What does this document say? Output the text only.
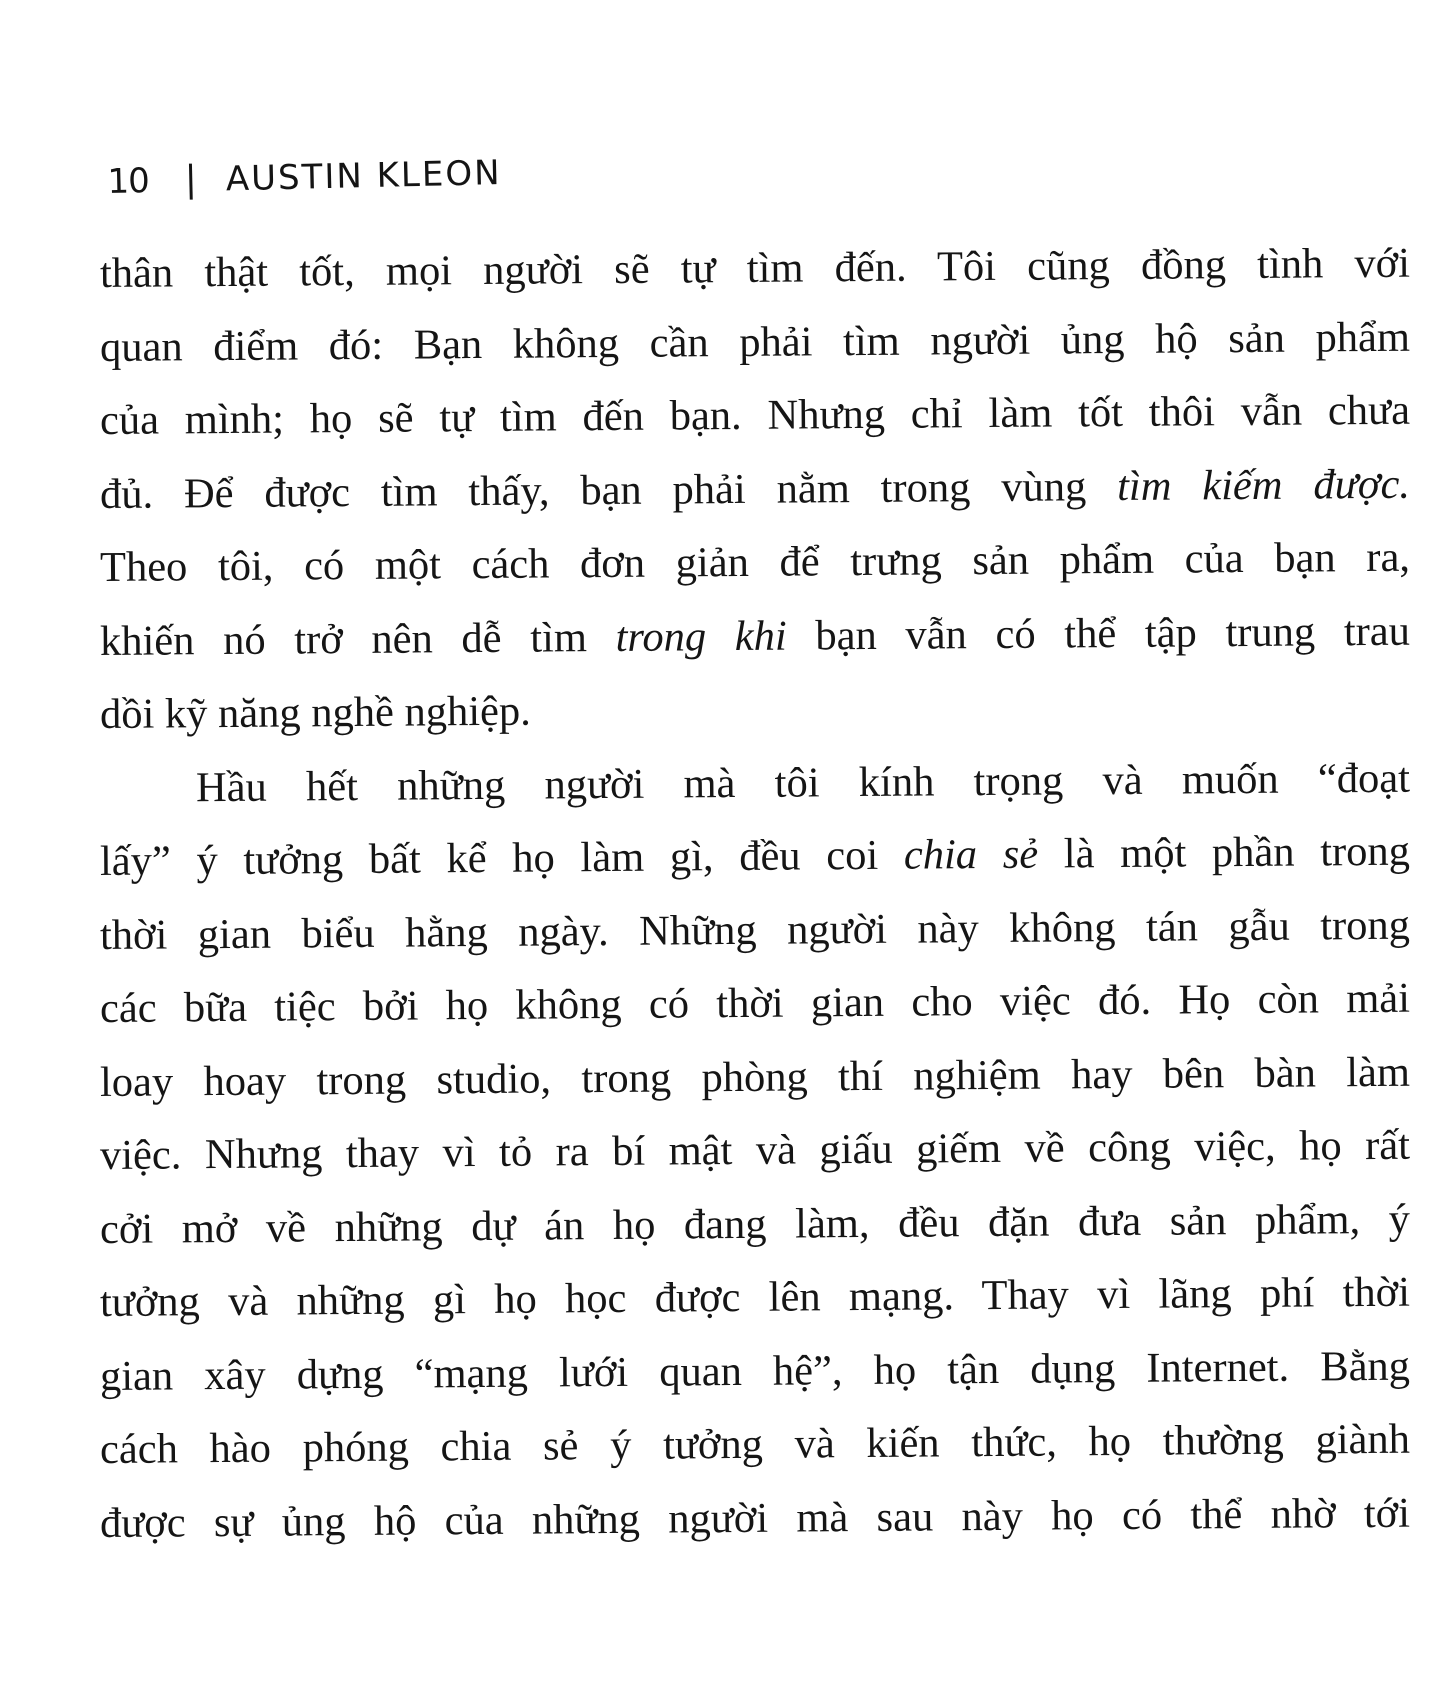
10 | AUSTIN KLEON
thân thật tốt, mọi người sẽ tự tìm đến. Tôi cũng đồng tình với
quan điểm đó: Bạn không cần phải tìm người ủng hộ sản phẩm
của mình; họ sẽ tự tìm đến bạn. Nhưng chỉ làm tốt thôi vẫn chưa
đủ. Để được tìm thấy, bạn phải nằm trong vùng tìm kiếm được.
Theo tôi, có một cách đơn giản để trưng sản phẩm của bạn ra,
khiến nó trở nên dễ tìm trong khi bạn vẫn có thể tập trung trau
dồi kỹ năng nghề nghiệp.
Hầu hết những người mà tôi kính trọng và muốn “đoạt
lấy” ý tưởng bất kể họ làm gì, đều coi chia sẻ là một phần trong
thời gian biểu hằng ngày. Những người này không tán gẫu trong
các bữa tiệc bởi họ không có thời gian cho việc đó. Họ còn mải
loay hoay trong studio, trong phòng thí nghiệm hay bên bàn làm
việc. Nhưng thay vì tỏ ra bí mật và giấu giếm về công việc, họ rất
cởi mở về những dự án họ đang làm, đều đặn đưa sản phẩm, ý
tưởng và những gì họ học được lên mạng. Thay vì lãng phí thời
gian xây dựng “mạng lưới quan hệ”, họ tận dụng Internet. Bằng
cách hào phóng chia sẻ ý tưởng và kiến thức, họ thường giành
được sự ủng hộ của những người mà sau này họ có thể nhờ tới
